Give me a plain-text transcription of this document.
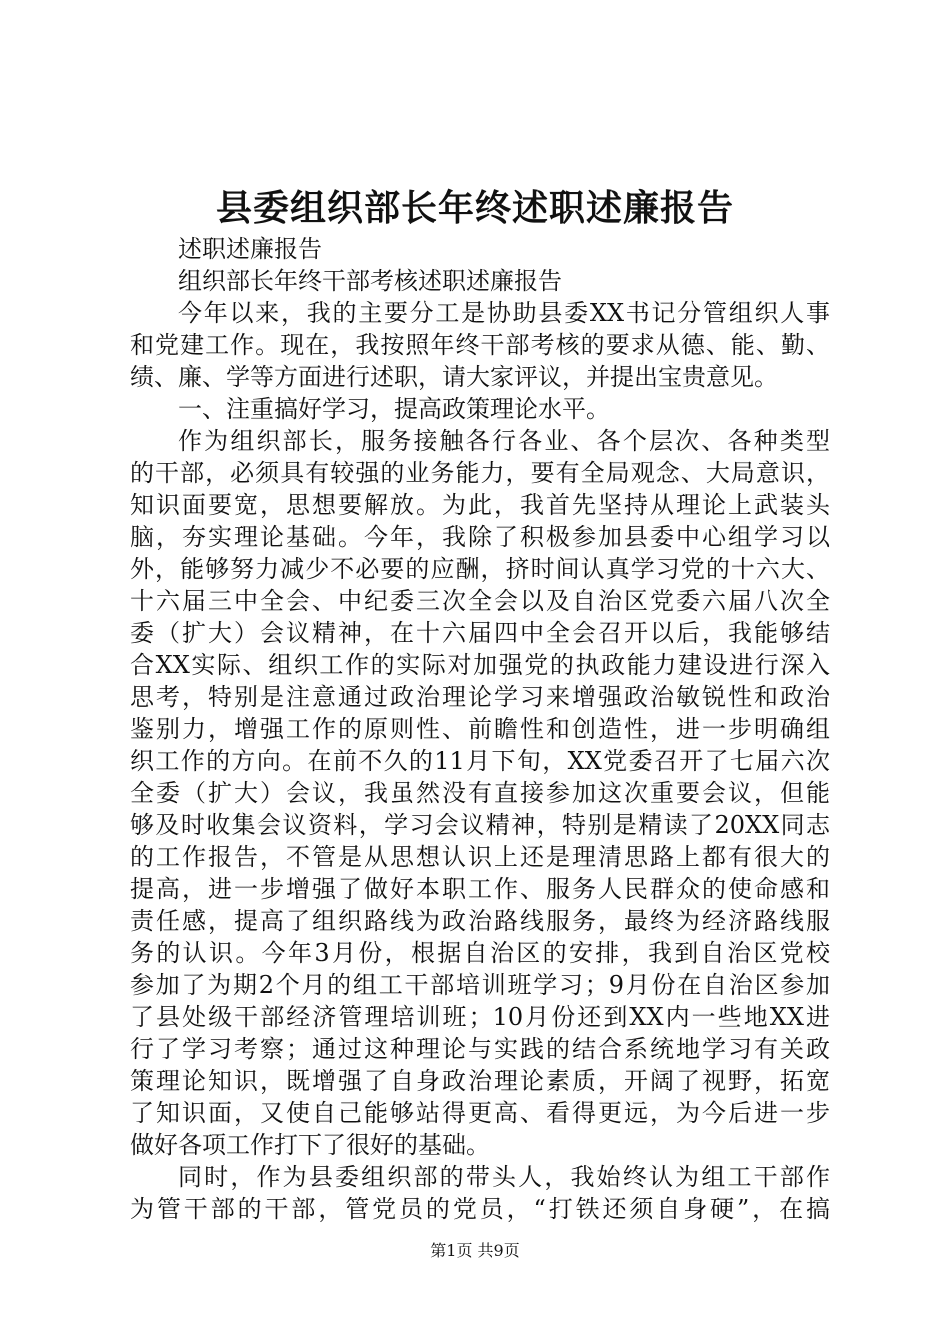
县委组织部长年终述职述廉报告
述职述廉报告
组织部长年终干部考核述职述廉报告
今年以来，我的主要分工是协助县委XX书记分管组织人事
和党建工作。现在，我按照年终干部考核的要求从德、能、勤、
绩、廉、学等方面进行述职，请大家评议，并提出宝贵意见。
一、注重搞好学习，提高政策理论水平。
作为组织部长，服务接触各行各业、各个层次、各种类型
的干部，必须具有较强的业务能力，要有全局观念、大局意识，
知识面要宽，思想要解放。为此，我首先坚持从理论上武装头
脑，夯实理论基础。今年，我除了积极参加县委中心组学习以
外，能够努力减少不必要的应酬，挤时间认真学习党的十六大、
十六届三中全会、中纪委三次全会以及自治区党委六届八次全
委（扩大）会议精神，在十六届四中全会召开以后，我能够结
合XX实际、组织工作的实际对加强党的执政能力建设进行深入
思考，特别是注意通过政治理论学习来增强政治敏锐性和政治
鉴别力，增强工作的原则性、前瞻性和创造性，进一步明确组
织工作的方向。在前不久的11月下旬，XX党委召开了七届六次
全委（扩大）会议，我虽然没有直接参加这次重要会议，但能
够及时收集会议资料，学习会议精神，特别是精读了20XX同志
的工作报告，不管是从思想认识上还是理清思路上都有很大的
提高，进一步增强了做好本职工作、服务人民群众的使命感和
责任感，提高了组织路线为政治路线服务，最终为经济路线服
务的认识。今年3月份，根据自治区的安排，我到自治区党校
参加了为期2个月的组工干部培训班学习；9月份在自治区参加
了县处级干部经济管理培训班；10月份还到XX内一些地XX进
行了学习考察；通过这种理论与实践的结合系统地学习有关政
策理论知识，既增强了自身政治理论素质，开阔了视野，拓宽
了知识面，又使自己能够站得更高、看得更远，为今后进一步
做好各项工作打下了很好的基础。
同时，作为县委组织部的带头人，我始终认为组工干部作
为管干部的干部，管党员的党员，“打铁还须自身硬”，在搞
第1页 共9页
